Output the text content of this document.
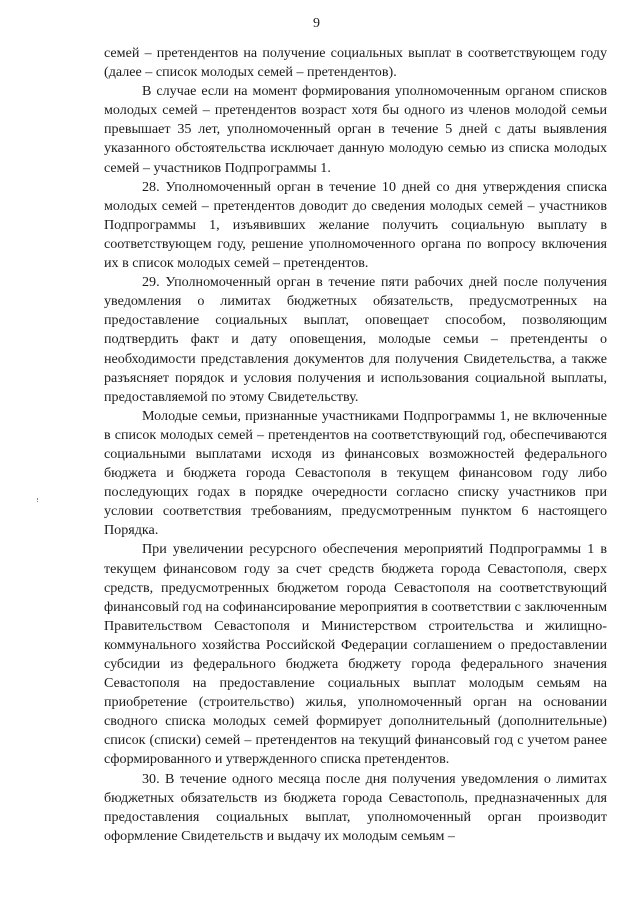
9

семей – претендентов на получение социальных выплат в соответствующем году (далее – список молодых семей – претендентов).

В случае если на момент формирования уполномоченным органом списков молодых семей – претендентов возраст хотя бы одного из членов молодой семьи превышает 35 лет, уполномоченный орган в течение 5 дней с даты выявления указанного обстоятельства исключает данную молодую семью из списка молодых семей – участников Подпрограммы 1.

28. Уполномоченный орган в течение 10 дней со дня утверждения списка молодых семей – претендентов доводит до сведения молодых семей – участников Подпрограммы 1, изъявивших желание получить социальную выплату в соответствующем году, решение уполномоченного органа по вопросу включения их в список молодых семей – претендентов.

29. Уполномоченный орган в течение пяти рабочих дней после получения уведомления о лимитах бюджетных обязательств, предусмотренных на предоставление социальных выплат, оповещает способом, позволяющим подтвердить факт и дату оповещения, молодые семьи – претенденты о необходимости представления документов для получения Свидетельства, а также разъясняет порядок и условия получения и использования социальной выплаты, предоставляемой по этому Свидетельству.

Молодые семьи, признанные участниками Подпрограммы 1, не включенные в список молодых семей – претендентов на соответствующий год, обеспечиваются социальными выплатами исходя из финансовых возможностей федерального бюджета и бюджета города Севастополя в текущем финансовом году либо последующих годах в порядке очередности согласно списку участников при условии соответствия требованиям, предусмотренным пунктом 6 настоящего Порядка.

При увеличении ресурсного обеспечения мероприятий Подпрограммы 1 в текущем финансовом году за счет средств бюджета города Севастополя, сверх средств, предусмотренных бюджетом города Севастополя на соответствующий финансовый год на софинансирование мероприятия в соответствии с заключенным Правительством Севастополя и Министерством строительства и жилищно-коммунального хозяйства Российской Федерации соглашением о предоставлении субсидии из федерального бюджета бюджету города федерального значения Севастополя на предоставление социальных выплат молодым семьям на приобретение (строительство) жилья, уполномоченный орган на основании сводного списка молодых семей формирует дополнительный (дополнительные) список (списки) семей – претендентов на текущий финансовый год с учетом ранее сформированного и утвержденного списка претендентов.

30. В течение одного месяца после дня получения уведомления о лимитах бюджетных обязательств из бюджета города Севастополь, предназначенных для предоставления социальных выплат, уполномоченный орган производит оформление Свидетельств и выдачу их молодым семьям –
